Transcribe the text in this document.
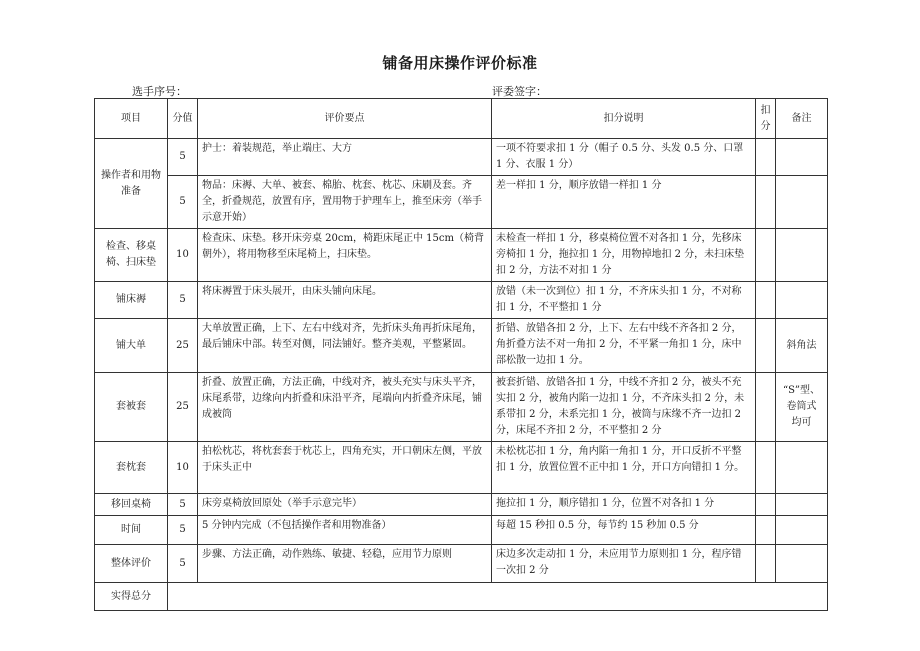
铺备用床操作评价标准
选手序号：	评委签字：
项目	分值	评价要点	扣分说明	扣分	备注
操作者和用物准备	5	护士：着装规范，举止端庄、大方	一项不符要求扣 1 分（帽子 0.5 分、头发 0.5 分、口罩 1 分、衣服 1 分）		
	5	物品：床褥、大单、被套、棉胎、枕套、枕芯、床刷及套。齐全，折叠规范，放置有序，置用物于护理车上，推至床旁（举手示意开始）	差一样扣 1 分，顺序放错一样扣 1 分		
检查、移桌椅、扫床垫	10	检查床、床垫。移开床旁桌 20cm，椅距床尾正中 15cm（椅背朝外），将用物移至床尾椅上，扫床垫。	未检查一样扣 1 分，移桌椅位置不对各扣 1 分，先移床旁椅扣 1 分，拖拉扣 1 分，用物掉地扣 2 分，未扫床垫扣 2 分，方法不对扣 1 分		
铺床褥	5	将床褥置于床头展开，由床头铺向床尾。	放错（未一次到位）扣 1 分，不齐床头扣 1 分，不对称扣 1 分，不平整扣 1 分		
铺大单	25	大单放置正确，上下、左右中线对齐，先折床头角再折床尾角，最后铺床中部。转至对侧，同法铺好。整齐美观，平整紧固。	折错、放错各扣 2 分，上下、左右中线不齐各扣 2 分，角折叠方法不对一角扣 2 分，不平紧一角扣 1 分，床中部松散一边扣 1 分。		斜角法
套被套	25	折叠、放置正确，方法正确，中线对齐，被头充实与床头平齐，床尾系带，边缘向内折叠和床沿平齐，尾端向内折叠齐床尾，铺成被筒	被套折错、放错各扣 1 分，中线不齐扣 2 分，被头不充实扣 2 分，被角内陷一边扣 1 分，不齐床头扣 2 分，未系带扣 2 分，未系完扣 1 分，被筒与床缘不齐一边扣 2 分，床尾不齐扣 2 分，不平整扣 2 分		“S”型、卷筒式均可
套枕套	10	拍松枕芯，将枕套套于枕芯上，四角充实，开口朝床左侧，平放于床头正中	未松枕芯扣 1 分，角内陷一角扣 1 分，开口反折不平整扣 1 分，放置位置不正中扣 1 分，开口方向错扣 1 分。		
移回桌椅	5	床旁桌椅放回原处（举手示意完毕）	拖拉扣 1 分，顺序错扣 1 分，位置不对各扣 1 分		
时间	5	5 分钟内完成（不包括操作者和用物准备）	每超 15 秒扣 0.5 分，每节约 15 秒加 0.5 分		
整体评价	5	步骤、方法正确，动作熟练、敏捷、轻稳，应用节力原则	床边多次走动扣 1 分，未应用节力原则扣 1 分，程序错一次扣 2 分		
实得总分					
